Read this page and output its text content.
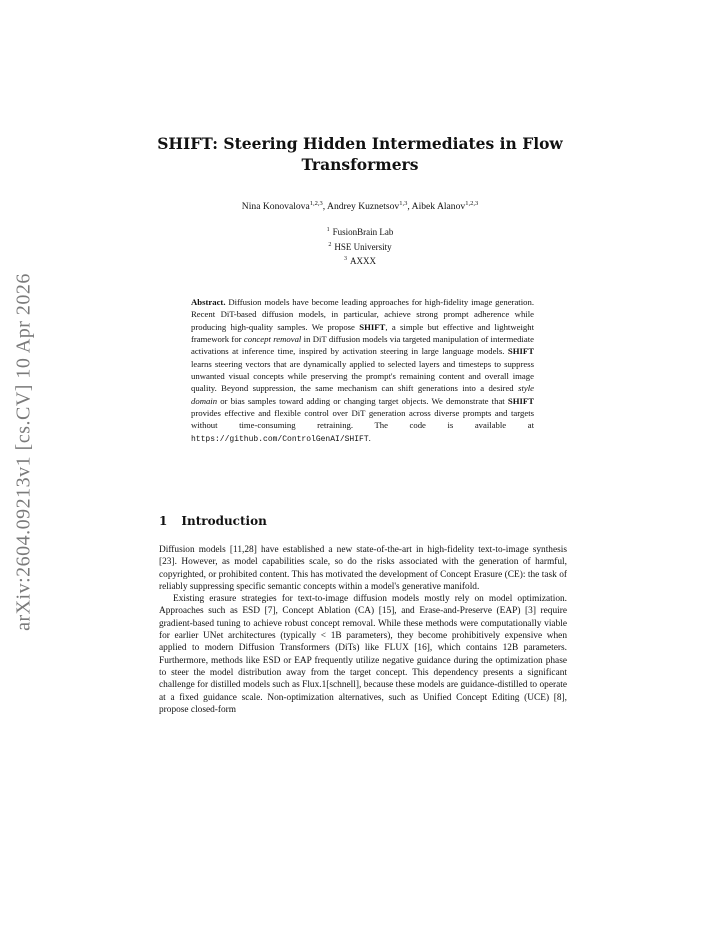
arXiv:2604.09213v1 [cs.CV] 10 Apr 2026
SHIFT: Steering Hidden Intermediates in Flow Transformers
Nina Konovalova$^{1,2,3}$, Andrey Kuznetsov$^{1,3}$, Aibek Alanov$^{1,2,3}$
$^1$ FusionBrain Lab
$^2$ HSE University
$^3$ AXXX
Abstract. Diffusion models have become leading approaches for high-fidelity image generation. Recent DiT-based diffusion models, in particular, achieve strong prompt adherence while producing high-quality samples. We propose SHIFT, a simple but effective and lightweight framework for concept removal in DiT diffusion models via targeted manipulation of intermediate activations at inference time, inspired by activation steering in large language models. SHIFT learns steering vectors that are dynamically applied to selected layers and timesteps to suppress unwanted visual concepts while preserving the prompt's remaining content and overall image quality. Beyond suppression, the same mechanism can shift generations into a desired style domain or bias samples toward adding or changing target objects. We demonstrate that SHIFT provides effective and flexible control over DiT generation across diverse prompts and targets without time-consuming retraining. The code is available at https://github.com/ControlGenAI/SHIFT.
1 Introduction

Diffusion models [11,28] have established a new state-of-the-art in high-fidelity text-to-image synthesis [23]. However, as model capabilities scale, so do the risks associated with the generation of harmful, copyrighted, or prohibited content. This has motivated the development of Concept Erasure (CE): the task of reliably suppressing specific semantic concepts within a model's generative manifold.

Existing erasure strategies for text-to-image diffusion models mostly rely on model optimization. Approaches such as ESD [7], Concept Ablation (CA) [15], and Erase-and-Preserve (EAP) [3] require gradient-based tuning to achieve robust concept removal. While these methods were computationally viable for earlier UNet architectures (typically < 1B parameters), they become prohibitively expensive when applied to modern Diffusion Transformers (DiTs) like FLUX [16], which contains 12B parameters. Furthermore, methods like ESD or EAP frequently utilize negative guidance during the optimization phase to steer the model distribution away from the target concept. This dependency presents a significant challenge for distilled models such as Flux.1[schnell], because these models are guidance-distilled to operate at a fixed guidance scale. Non-optimization alternatives, such as Unified Concept Editing (UCE) [8], propose closed-form
